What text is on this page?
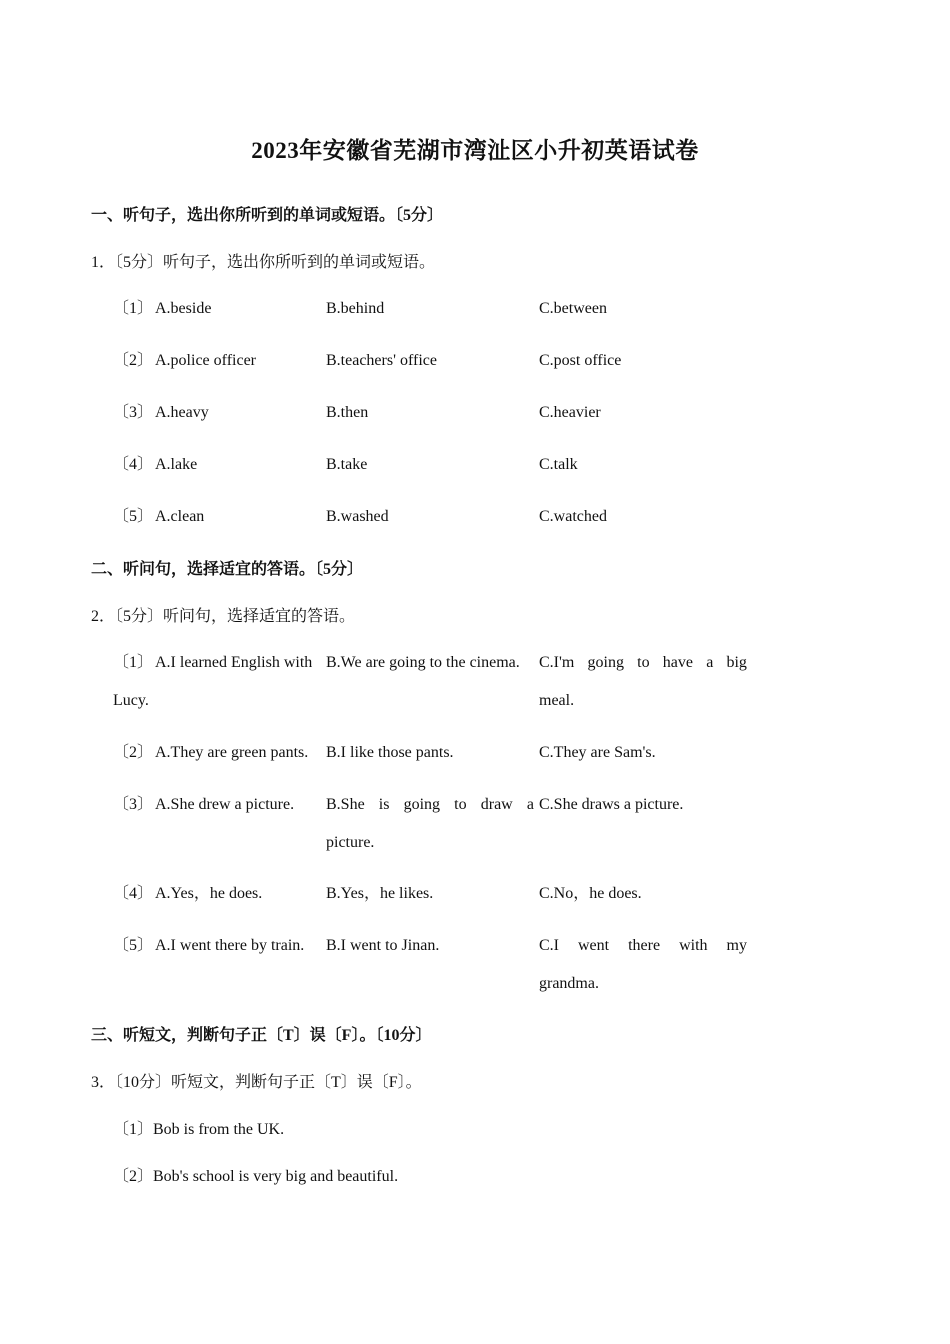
2023年安徽省芜湖市湾沚区小升初英语试卷
一、听句子，选出你所听到的单词或短语。〔5分〕
1．〔5分〕听句子，选出你所听到的单词或短语。
〔1〕 A.beside	B.behind	C.between
〔2〕 A.police officer	B.teachers' office	C.post office
〔3〕 A.heavy	B.then	C.heavier
〔4〕 A.lake	B.take	C.talk
〔5〕 A.clean	B.washed	C.watched
二、听问句，选择适宜的答语。〔5分〕
2．〔5分〕听问句，选择适宜的答语。
〔1〕 A.I learned English with
Lucy.
B.We are going to the cinema. C.I'm going to have a big
meal.
〔2〕 A.They are green pants. B.I like those pants.	C.They are Sam's.
〔3〕 A.She drew a picture. B.She is going to draw a
picture.
C.She draws a picture.
〔4〕 A.Yes，he does.	B.Yes，he likes.	C.No，he does.
〔5〕 A.I went there by train. B.I went to Jinan.	C.I went there with my
grandma.
三、听短文，判断句子正〔T〕误〔F〕。〔10分〕
3．〔10分〕听短文，判断句子正〔T〕误〔F〕。
〔1〕Bob is from the UK.
〔2〕Bob's school is very big and beautiful.
